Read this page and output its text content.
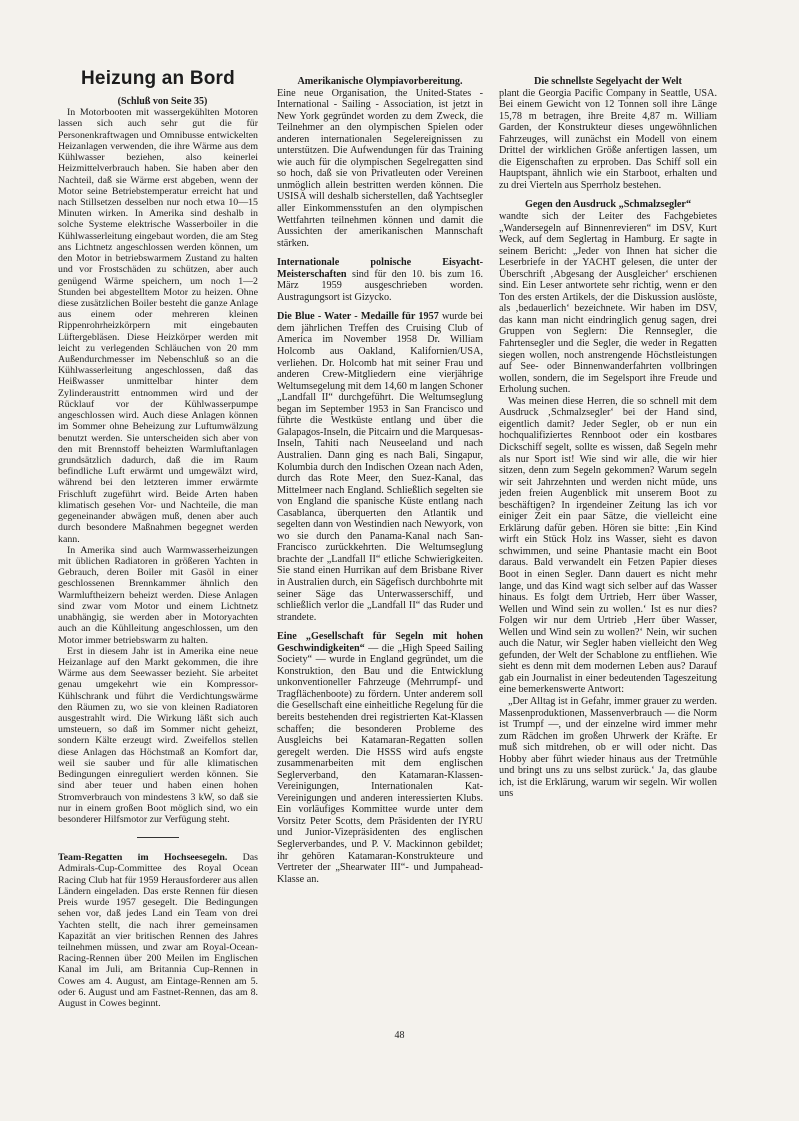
Heizung an Bord

(Schluß von Seite 35)

In Motorbooten mit wassergekühlten Motoren lassen sich auch sehr gut die für Personenkraftwagen und Omnibusse entwickelten Heizanlagen verwenden, die ihre Wärme aus dem Kühlwasser beziehen, also keinerlei Heizmittelverbrauch haben. Sie haben aber den Nachteil, daß sie Wärme erst abgeben, wenn der Motor seine Betriebstemperatur erreicht hat und nach Stillsetzen desselben nur noch etwa 10—15 Minuten wirken. In Amerika sind deshalb in solche Systeme elektrische Wasserboiler in die Kühlwasserleitung eingebaut worden, die am Steg ans Lichtnetz angeschlossen werden können, um den Motor in betriebswarmem Zustand zu halten und vor Frostschäden zu schützen, aber auch genügend Wärme speichern, um noch 1—2 Stunden bei abgestelltem Motor zu heizen. Ohne diese zusätzlichen Boiler besteht die ganze Anlage aus einem oder mehreren kleinen Rippenrohrheizkörpern mit eingebauten Lüftergebläsen. Diese Heizkörper werden mit leicht zu verlegenden Schläuchen von 20 mm Außendurchmesser im Nebenschluß so an die Kühlwasserleitung angeschlossen, daß das Heißwasser unmittelbar hinter dem Zylinderaustritt entnommen wird und der Rücklauf vor der Kühlwasserpumpe angeschlossen wird. Auch diese Anlagen können im Sommer ohne Beheizung zur Luftumwälzung benutzt werden. Sie unterscheiden sich aber von den mit Brennstoff beheizten Warmluftanlagen grundsätzlich dadurch, daß die im Raum befindliche Luft erwärmt und umgewälzt wird, während bei den letzteren immer erwärmte Frischluft zugeführt wird. Beide Arten haben klimatisch gesehen Vor- und Nachteile, die man gegeneinander abwägen muß, denen aber auch durch besondere Maßnahmen begegnet werden kann.

In Amerika sind auch Warmwasserheizungen mit üblichen Radiatoren in größeren Yachten in Gebrauch, deren Boiler mit Gasöl in einer geschlossenen Brennkammer ähnlich den Warmluftheizern beheizt werden. Diese Anlagen sind zwar vom Motor und einem Lichtnetz unabhängig, sie werden aber in Motoryachten auch an die Kühlleitung angeschlossen, um den Motor immer betriebswarm zu halten.

Erst in diesem Jahr ist in Amerika eine neue Heizanlage auf den Markt gekommen, die ihre Wärme aus dem Seewasser bezieht. Sie arbeitet genau umgekehrt wie ein Kompressor-Kühlschrank und führt die Verdichtungswärme den Räumen zu, wo sie von kleinen Radiatoren ausgestrahlt wird. Die Wirkung läßt sich auch umsteuern, so daß im Sommer nicht geheizt, sondern Kälte erzeugt wird. Zweifellos stellen diese Anlagen das Höchstmaß an Komfort dar, weil sie sauber und für alle klimatischen Bedingungen einreguliert werden können. Sie sind aber teuer und haben einen hohen Stromverbrauch von mindestens 3 kW, so daß sie nur in einem großen Boot möglich sind, wo ein besonderer Hilfsmotor zur Verfügung steht.

Team-Regatten im Hochseesegeln. Das Admirals-Cup-Committee des Royal Ocean Racing Club hat für 1959 Herausforderer aus allen Ländern eingeladen. Das erste Rennen für diesen Preis wurde 1957 gesegelt. Die Bedingungen sehen vor, daß jedes Land ein Team von drei Yachten stellt, die nach ihrer gemeinsamen Kapazität an vier britischen Rennen des Jahres teilnehmen müssen, und zwar am Royal-Ocean-Racing-Rennen über 200 Meilen im Englischen Kanal im Juli, am Britannia Cup-Rennen in Cowes am 4. August, am Eintage-Rennen am 5. oder 6. August und am Fastnet-Rennen, das am 8. August in Cowes beginnt.

Amerikanische Olympiavorbereitung.
Eine neue Organisation, the United-States - International - Sailing - Association, ist jetzt in New York gegründet worden zu dem Zweck, die Teilnehmer an den olympischen Spielen oder anderen internationalen Segelereignissen zu unterstützen. Die Aufwendungen für das Training wie auch für die olympischen Segelregatten sind so hoch, daß sie von Privatleuten oder Vereinen unmöglich allein bestritten werden können. Die USISA will deshalb sicherstellen, daß Yachtsegler aller Einkommensstufen an den olympischen Wettfahrten teilnehmen können und damit die Aussichten der amerikanischen Mannschaft stärken.

Internationale polnische Eisyacht-Meisterschaften sind für den 10. bis zum 16. März 1959 ausgeschrieben worden. Austragungsort ist Gizycko.

Die Blue - Water - Medaille für 1957 wurde bei dem jährlichen Treffen des Cruising Club of America im November 1958 Dr. William Holcomb aus Oakland, Kalifornien/USA, verliehen. Dr. Holcomb hat mit seiner Frau und anderen Crew-Mitgliedern eine vierjährige Weltumsegelung mit dem 14,60 m langen Schoner „Landfall II“ durchgeführt. Die Weltumseglung began im September 1953 in San Francisco und führte die Westküste entlang und über die Galapagos-Inseln, die Pitcairn und die Marquesas-Inseln, Tahiti nach Neuseeland und nach Australien. Dann ging es nach Bali, Singapur, Kolumbia durch den Indischen Ozean nach Aden, durch das Rote Meer, den Suez-Kanal, das Mittelmeer nach England. Schließlich segelten sie von England die spanische Küste entlang nach Casablanca, überquerten den Atlantik und segelten dann von Westindien nach Newyork, von wo sie durch den Panama-Kanal nach San-Francisco zurückkehrten. Die Weltumseglung brachte der „Landfall II“ etliche Schwierigkeiten. Sie stand einen Hurrikan auf dem Brisbane River in Australien durch, ein Sägefisch durchbohrte mit seiner Säge das Unterwasserschiff, und schließlich verlor die „Landfall II“ das Ruder und strandete.

Eine „Gesellschaft für Segeln mit hohen Geschwindigkeiten“ — die „High Speed Sailing Society“ — wurde in England gegründet, um die Konstruktion, den Bau und die Entwicklung unkonventioneller Fahrzeuge (Mehrrumpf- und Tragflächenboote) zu fördern. Unter anderem soll die Gesellschaft eine einheitliche Regelung für die bereits bestehenden drei registrierten Kat-Klassen schaffen; die besonderen Probleme des Ausgleichs bei Katamaran-Regatten sollen geregelt werden. Die HSSS wird aufs engste zusammenarbeiten mit dem englischen Seglerverband, den Katamaran-Klassen-Vereinigungen, Internationalen Kat-Vereinigungen und anderen interessierten Klubs. Ein vorläufiges Kommittee wurde unter dem Vorsitz Peter Scotts, dem Präsidenten der IYRU und Junior-Vizepräsidenten des englischen Seglerverbandes, und P. V. Mackinnon gebildet; ihr gehören Katamaran-Konstrukteure und Vertreter der „Shearwater III“- und Jumpahead-Klasse an.

Die schnellste Segelyacht der Welt
plant die Georgia Pacific Company in Seattle, USA. Bei einem Gewicht von 12 Tonnen soll ihre Länge 15,78 m betragen, ihre Breite 4,87 m. William Garden, der Konstrukteur dieses ungewöhnlichen Fahrzeuges, will zunächst ein Modell von einem Drittel der wirklichen Größe anfertigen lassen, um die Eigenschaften zu erproben. Das Schiff soll ein Hauptspant, ähnlich wie ein Starboot, erhalten und zu drei Vierteln aus Sperrholz bestehen.

Gegen den Ausdruck „Schmalzsegler“
wandte sich der Leiter des Fachgebietes „Wandersegeln auf Binnenrevieren“ im DSV, Kurt Weck, auf dem Seglertag in Hamburg. Er sagte in seinem Bericht: „Jeder von Ihnen hat sicher die Leserbriefe in der YACHT gelesen, die unter der Überschrift ‚Abgesang der Ausgleicher‘ erschienen sind. Ein Leser antwortete sehr richtig, wenn er den Ton des ersten Artikels, der die Diskussion auslöste, als ‚bedauerlich‘ bezeichnete. Wir haben im DSV, das kann man nicht eindringlich genug sagen, drei Gruppen von Seglern: Die Rennsegler, die Fahrtensegler und die Segler, die weder in Regatten siegen wollen, noch anstrengende Höchstleistungen auf See- oder Binnenwanderfahrten vollbringen wollen, sondern, die im Segelsport ihre Freude und Erholung suchen.

Was meinen diese Herren, die so schnell mit dem Ausdruck ‚Schmalzsegler‘ bei der Hand sind, eigentlich damit? Jeder Segler, ob er nun ein hochqualifiziertes Rennboot oder ein kostbares Dickschiff segelt, sollte es wissen, daß Segeln mehr als nur Sport ist! Wie sind wir alle, die wir hier sitzen, denn zum Segeln gekommen? Warum segeln wir seit Jahrzehnten und werden nicht müde, uns jeden freien Augenblick mit unserem Boot zu beschäftigen? In irgendeiner Zeitung las ich vor einiger Zeit ein paar Sätze, die vielleicht eine Erklärung dafür geben. Hören sie bitte: ‚Ein Kind wirft ein Stück Holz ins Wasser, sieht es davon schwimmen, und seine Phantasie macht ein Boot daraus. Bald verwandelt ein Fetzen Papier dieses Boot in einen Segler. Dann dauert es nicht mehr lange, und das Kind wagt sich selber auf das Wasser hinaus. Es folgt dem Urtrieb, Herr über Wasser, Wellen und Wind sein zu wollen.‘ Ist es nur dies? Folgen wir nur dem Urtrieb ‚Herr über Wasser, Wellen und Wind sein zu wollen?‘ Nein, wir suchen auch die Natur, wir Segler haben vielleicht den Weg gefunden, der Welt der Schablone zu entfliehen. Wie sieht es denn mit dem modernen Leben aus? Darauf gab ein Journalist in einer bedeutenden Tageszeitung eine bemerkenswerte Antwort:

„Der Alltag ist in Gefahr, immer grauer zu werden. Massenproduktionen, Massenverbrauch — die Norm ist Trumpf —, und der einzelne wird immer mehr zum Rädchen im großen Uhrwerk der Kräfte. Er muß sich mitdrehen, ob er will oder nicht. Das Hobby aber führt wieder hinaus aus der Tretmühle und bringt uns zu uns selbst zurück.‘ Ja, das glaube ich, ist die Erklärung, warum wir segeln. Wir wollen uns

48
